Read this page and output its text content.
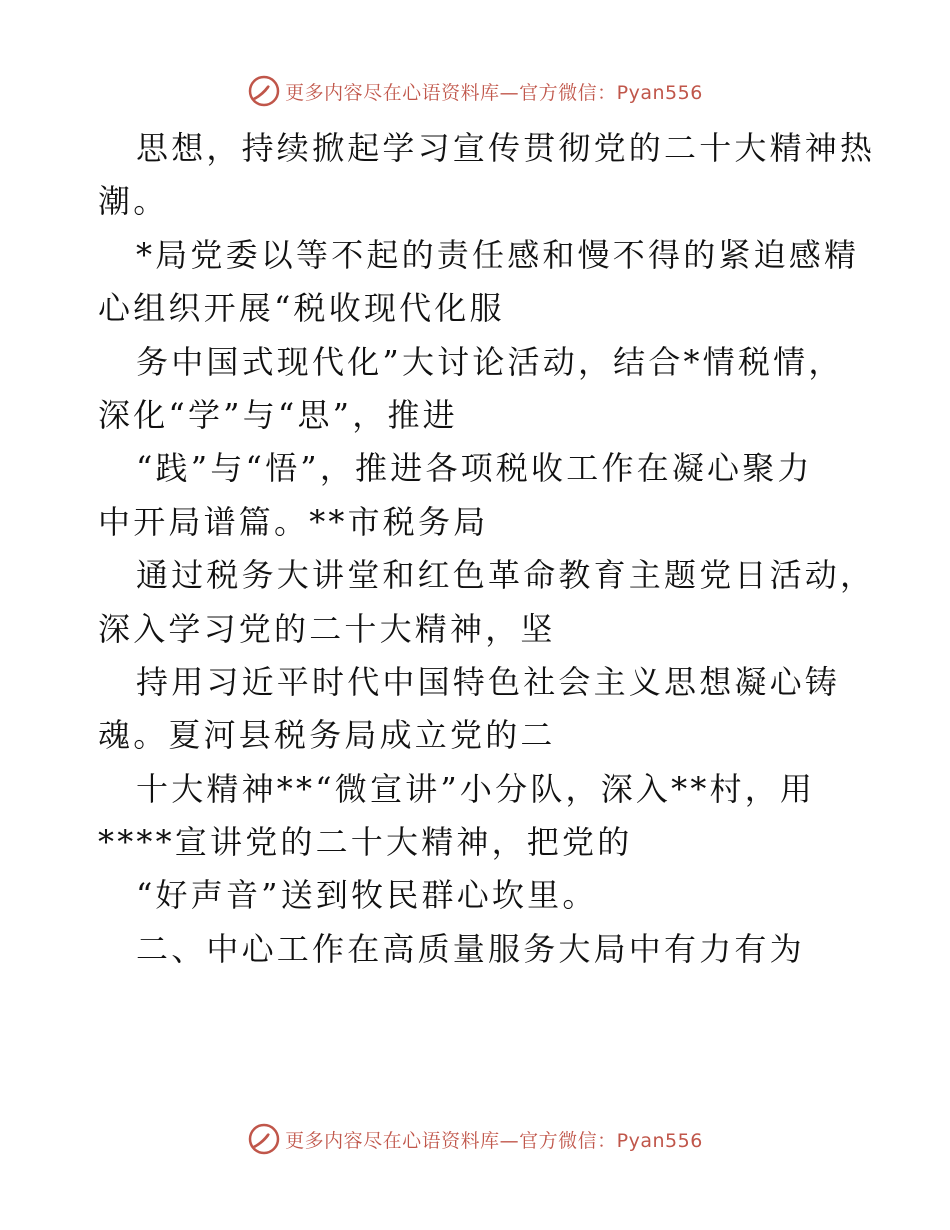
更多内容尽在心语资料库—官方微信：Pyan556
思想，持续掀起学习宣传贯彻党的二十大精神热
潮。
*局党委以等不起的责任感和慢不得的紧迫感精
心组织开展“税收现代化服
务中国式现代化”大讨论活动，结合*情税情，
深化“学”与“思”，推进
“践”与“悟”，推进各项税收工作在凝心聚力
中开局谱篇。**市税务局
通过税务大讲堂和红色革命教育主题党日活动，
深入学习党的二十大精神，坚
持用习近平时代中国特色社会主义思想凝心铸
魂。夏河县税务局成立党的二
十大精神**“微宣讲”小分队，深入**村，用
****宣讲党的二十大精神，把党的
“好声音”送到牧民群心坎里。
二、中心工作在高质量服务大局中有力有为
更多内容尽在心语资料库—官方微信：Pyan556
